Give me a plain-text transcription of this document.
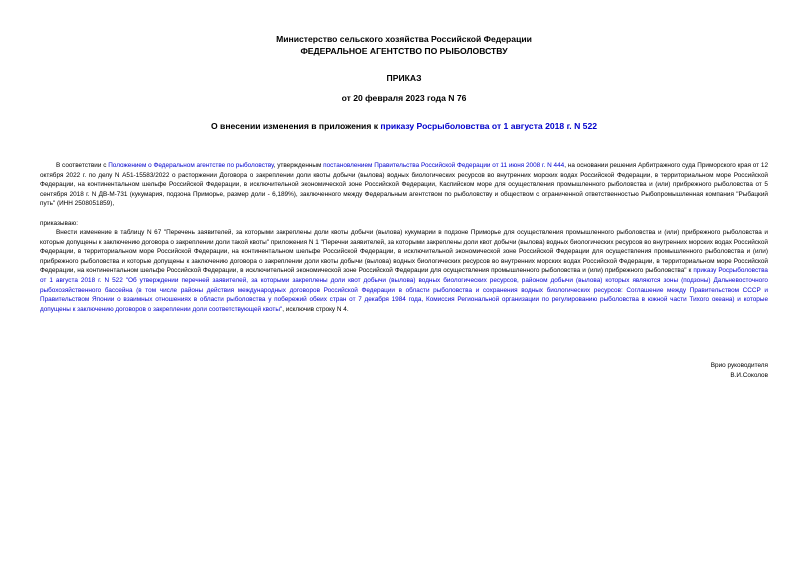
Министерство сельского хозяйства Российской Федерации
ФЕДЕРАЛЬНОЕ АГЕНТСТВО ПО РЫБОЛОВСТВУ
ПРИКАЗ
от 20 февраля 2023 года N 76
О внесении изменения в приложения к приказу Росрыболовства от 1 августа 2018 г. N 522
В соответствии с Положением о Федеральном агентстве по рыболовству, утвержденным постановлением Правительства Российской Федерации от 11 июня 2008 г. N 444, на основании решения Арбитражного суда Приморского края от 12 октября 2022 г. по делу N А51-15583/2022 о расторжении Договора о закреплении доли квоты добычи (вылова) водных биологических ресурсов во внутренних морских водах Российской Федерации, в территориальном море Российской Федерации, на континентальном шельфе Российской Федерации, в исключительной экономической зоне Российской Федерации, Каспийском море для осуществления промышленного рыболовства и (или) прибрежного рыболовства от 5 сентября 2018 г. N ДВ-М-731 (кукумария, подзона Приморье, размер доли - 6,189%), заключенного между Федеральным агентством по рыболовству и обществом с ограниченной ответственностью Рыбопромышленная компания "Рыбацкий путь" (ИНН 2508051859),
приказываю:
Внести изменение в таблицу N 67 "Перечень заявителей, за которыми закреплены доли квоты добычи (вылова) кукумарии в подзоне Приморье для осуществления промышленного рыболовства и (или) прибрежного рыболовства и которые допущены к заключению договора о закреплении доли такой квоты" приложения N 1 "Перечни заявителей, за которыми закреплены доли квот добычи (вылова) водных биологических ресурсов во внутренних морских водах Российской Федерации, в территориальном море Российской Федерации, на континентальном шельфе Российской Федерации, в исключительной экономической зоне Российской Федерации для осуществления промышленного рыболовства и (или) прибрежного рыболовства и которые допущены к заключению договора о закреплении доли квоты добычи (вылова) водных биологических ресурсов во внутренних морских водах Российской Федерации, в территориальном море Российской Федерации, на континентальном шельфе Российской Федерации, в исключительной экономической зоне Российской Федерации для осуществления промышленного рыболовства и (или) прибрежного рыболовства" к приказу Росрыболовства от 1 августа 2018 г. N 522 "Об утверждении перечней заявителей, за которыми закреплены доли квот добычи (вылова) водных биологических ресурсов, районом добычи (вылова) которых являются зоны (подзоны) Дальневосточного рыбохозяйственного бассейна (в том числе районы действия международных договоров Российской Федерации в области рыболовства и сохранения водных биологических ресурсов: Соглашение между Правительством СССР и Правительством Японии о взаимных отношениях в области рыболовства у побережий обеих стран от 7 декабря 1984 года, Комиссия Региональной организации по регулированию рыболовства в южной части Тихого океана) и которые допущены к заключению договоров о закреплении доли соответствующей квоты", исключив строку N 4.
Врио руководителя
В.И.Соколов
